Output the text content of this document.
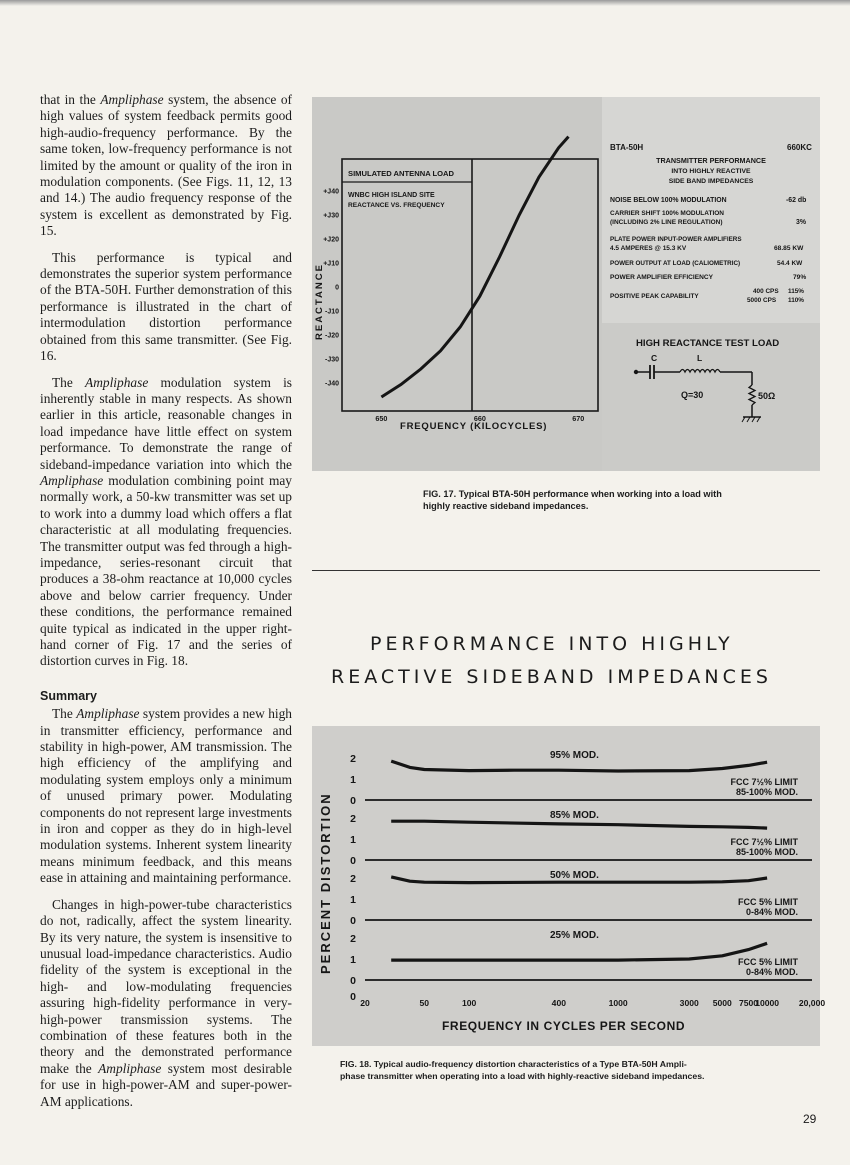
that in the Ampliphase system, the absence of high values of system feedback permits good high-audio-frequency performance. By the same token, low-frequency performance is not limited by the amount or quality of the iron in modulation components. (See Figs. 11, 12, 13 and 14.) The audio frequency response of the system is excellent as demonstrated by Fig. 15.

This performance is typical and demonstrates the superior system performance of the BTA-50H. Further demonstration of this performance is illustrated in the chart of intermodulation distortion performance obtained from this same transmitter. (See Fig. 16.

The Ampliphase modulation system is inherently stable in many respects. As shown earlier in this article, reasonable changes in load impedance have little effect on system performance. To demonstrate the range of sideband-impedance variation into which the Ampliphase modulation combining point may normally work, a 50-kw transmitter was set up to work into a dummy load which offers a flat characteristic at all modulating frequencies. The transmitter output was fed through a high-impedance, series-resonant circuit that produces a 38-ohm reactance at 10,000 cycles above and below carrier frequency. Under these conditions, the performance remained quite typical as indicated in the upper right-hand corner of Fig. 17 and the series of distortion curves in Fig. 18.

Summary

The Ampliphase system provides a new high in transmitter efficiency, performance and stability in high-power, AM transmission. The high efficiency of the amplifying and modulating system employs only a minimum of unused primary power. Modulating components do not represent large investments in iron and copper as they do in high-level modulation systems. Inherent system linearity means minimum feedback, and this means ease in attaining and maintaining performance.

Changes in high-power-tube characteristics do not, radically, affect the system linearity. By its very nature, the system is insensitive to unusual load-impedance characteristics. Audio fidelity of the system is exceptional in the high- and low-modulating frequencies assuring high-fidelity performance in very-high-power transmission systems. The combination of these features both in the theory and the demonstrated performance make the Ampliphase system most desirable for use in high-power-AM and super-power-AM applications.

SIMULATED ANTENNA LOAD
WNBC HIGH ISLAND SITE
REACTANCE VS. FREQUENCY
REACTANCE
FREQUENCY (KILOCYCLES)
+J40
+J30
+J20
+J10
0
-J10
-J20
-J30
-J40
650	660	670
BTA-50H	660KC
TRANSMITTER PERFORMANCE
INTO HIGHLY REACTIVE
SIDE BAND IMPEDANCES
NOISE BELOW 100% MODULATION	-62 db
CARRIER SHIFT 100% MODULATION
(INCLUDING 2% LINE REGULATION)	3%
PLATE POWER INPUT-POWER AMPLIFIERS
4.5 AMPERES @ 15.3 KV	68.85 KW
POWER OUTPUT AT LOAD (CALIOMETRIC)	54.4 KW
POWER AMPLIFIER EFFICIENCY	79%
POSITIVE PEAK CAPABILITY
400 CPS 115%
5000 CPS 110%
HIGH REACTANCE TEST LOAD
C	L
Q=30	50Ω
FIG. 17. Typical BTA-50H performance when working into a load with highly reactive sideband impedances.
PERFORMANCE INTO HIGHLY
REACTIVE SIDEBAND IMPEDANCES
PERCENT DISTORTION
2
1
0
95% MOD.
FCC 7½% LIMIT
85-100% MOD.
2
1
0
85% MOD.
FCC 7½% LIMIT
85-100% MOD.
2
1
0
50% MOD.
FCC 5% LIMIT
0-84% MOD.
2
1
0
25% MOD.
FCC 5% LIMIT
0-84% MOD.
0 20	50	100	400	1000	3000 5000 7500
10000 20,000
FREQUENCY IN CYCLES PER SECOND
FIG. 18. Typical audio-frequency distortion characteristics of a Type BTA-50H Ampli-
phase transmitter when operating into a load with highly-reactive sideband impedances.
29
